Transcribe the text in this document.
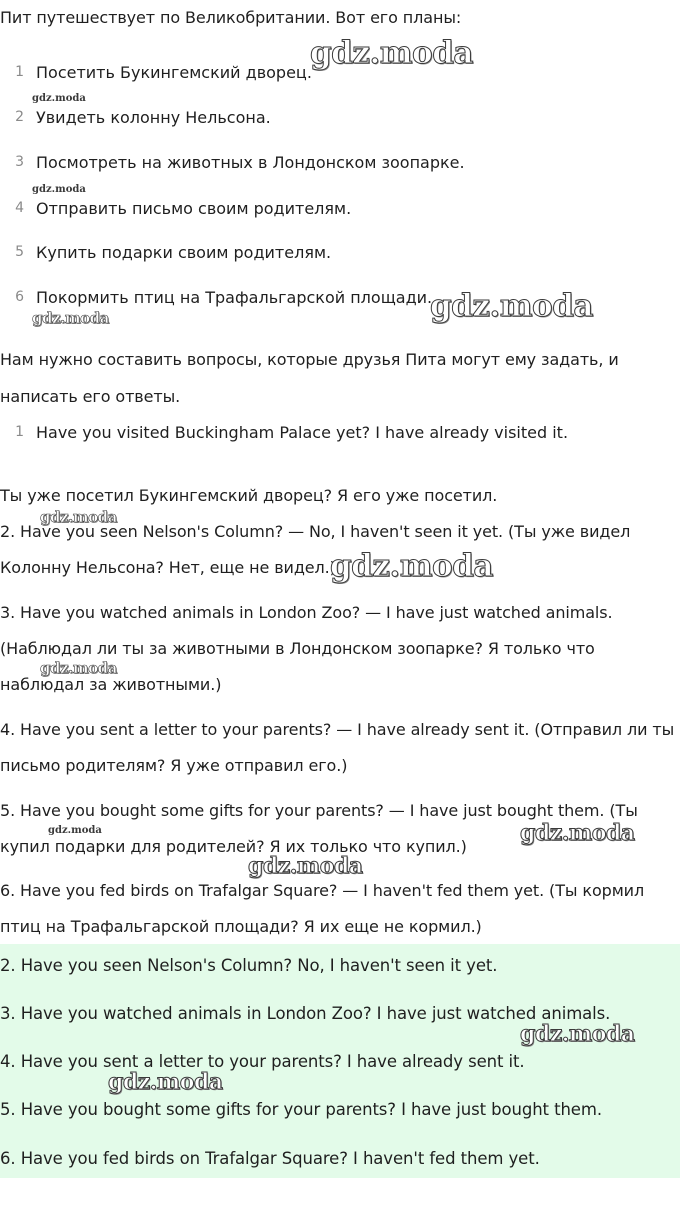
Пит путешествует по Великобритании. Вот его планы:
1 Посетить Букингемский дворец.
2 Увидеть колонну Нельсона.
3 Посмотреть на животных в Лондонском зоопарке.
4 Отправить письмо своим родителям.
5 Купить подарки своим родителям.
6 Покормить птиц на Трафальгарской площади.
Нам нужно составить вопросы, которые друзья Пита могут ему задать, и
написать его ответы.
1 Have you visited Buckingham Palace yet? I have already visited it.
Ты уже посетил Букингемский дворец? Я его уже посетил.
2. Have you seen Nelson's Column? — No, I haven't seen it yet. (Ты уже видел
Колонну Нельсона? Нет, еще не видел.)
3. Have you watched animals in London Zoo? — I have just watched animals.
(Наблюдал ли ты за животными в Лондонском зоопарке? Я только что
наблюдал за животными.)
4. Have you sent a letter to your parents? — I have already sent it. (Отправил ли ты
письмо родителям? Я уже отправил его.)
5. Have you bought some gifts for your parents? — I have just bought them. (Ты
купил подарки для родителей? Я их только что купил.)
6. Have you fed birds on Trafalgar Square? — I haven't fed them yet. (Ты кормил
птиц на Трафальгарской площади? Я их еще не кормил.)
2. Have you seen Nelson's Column? No, I haven't seen it yet.
3. Have you watched animals in London Zoo? I have just watched animals.
4. Have you sent a letter to your parents? I have already sent it.
5. Have you bought some gifts for your parents? I have just bought them.
6. Have you fed birds on Trafalgar Square? I haven't fed them yet.
gdz.moda
gdz.moda
gdz.moda
gdz.moda
gdz.moda
gdz.moda
gdz.moda
gdz.moda
gdz.moda	gdz.moda
gdz.moda
gdz.moda
gdz.moda
